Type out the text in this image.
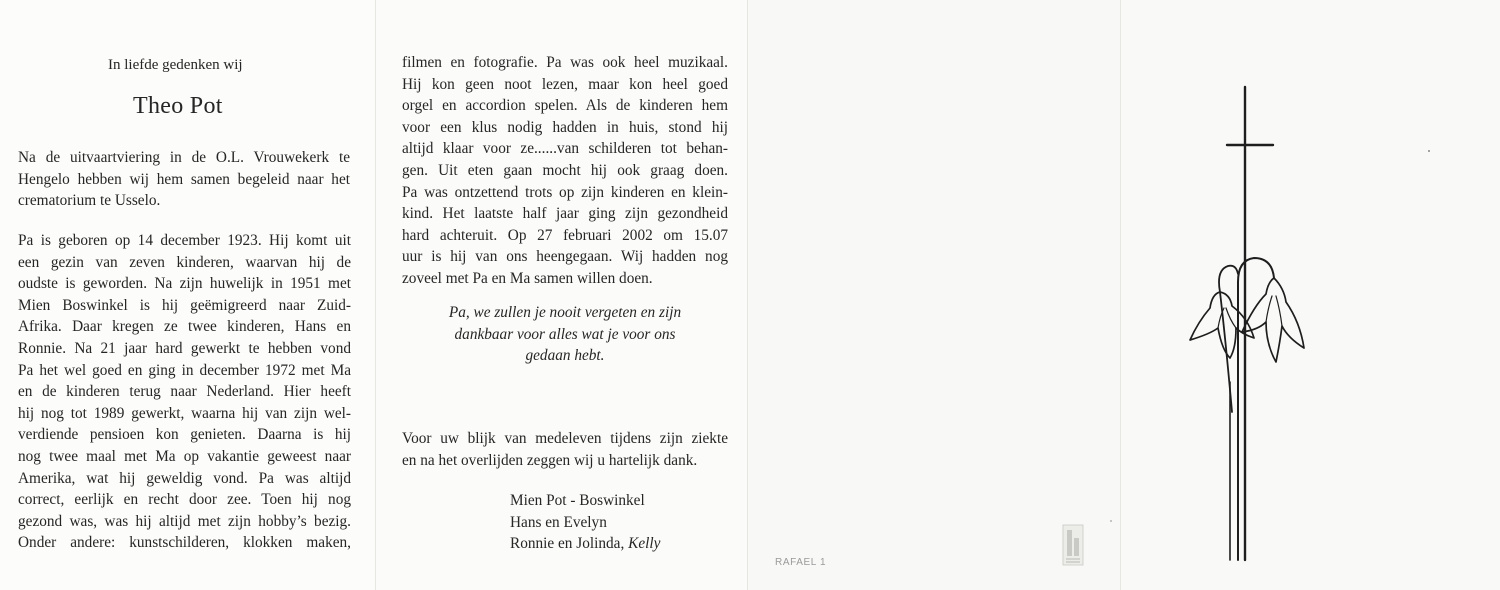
In liefde gedenken wij
Theo Pot

Na de uitvaartviering in de O.L. Vrouwekerk te
Hengelo hebben wij hem samen begeleid naar het
crematorium te Usselo.

Pa is geboren op 14 december 1923. Hij komt uit
een gezin van zeven kinderen, waarvan hij de
oudste is geworden. Na zijn huwelijk in 1951 met
Mien Boswinkel is hij geëmigreerd naar Zuid-
Afrika. Daar kregen ze twee kinderen, Hans en
Ronnie. Na 21 jaar hard gewerkt te hebben vond
Pa het wel goed en ging in december 1972 met Ma
en de kinderen terug naar Nederland. Hier heeft
hij nog tot 1989 gewerkt, waarna hij van zijn wel-
verdiende pensioen kon genieten. Daarna is hij
nog twee maal met Ma op vakantie geweest naar
Amerika, wat hij geweldig vond. Pa was altijd
correct, eerlijk en recht door zee. Toen hij nog
gezond was, was hij altijd met zijn hobby’s bezig.
Onder andere: kunstschilderen, klokken maken,

filmen en fotografie. Pa was ook heel muzikaal.
Hij kon geen noot lezen, maar kon heel goed
orgel en accordion spelen. Als de kinderen hem
voor een klus nodig hadden in huis, stond hij
altijd klaar voor ze......van schilderen tot behan-
gen. Uit eten gaan mocht hij ook graag doen.
Pa was ontzettend trots op zijn kinderen en klein-
kind. Het laatste half jaar ging zijn gezondheid
hard achteruit. Op 27 februari 2002 om 15.07
uur is hij van ons heengegaan. Wij hadden nog
zoveel met Pa en Ma samen willen doen.

Pa, we zullen je nooit vergeten en zijn
dankbaar voor alles wat je voor ons
gedaan hebt.

Voor uw blijk van medeleven tijdens zijn ziekte
en na het overlijden zeggen wij u hartelijk dank.

Mien Pot - Boswinkel
Hans en Evelyn
Ronnie en Jolinda, Kelly
RAFAEL 1
